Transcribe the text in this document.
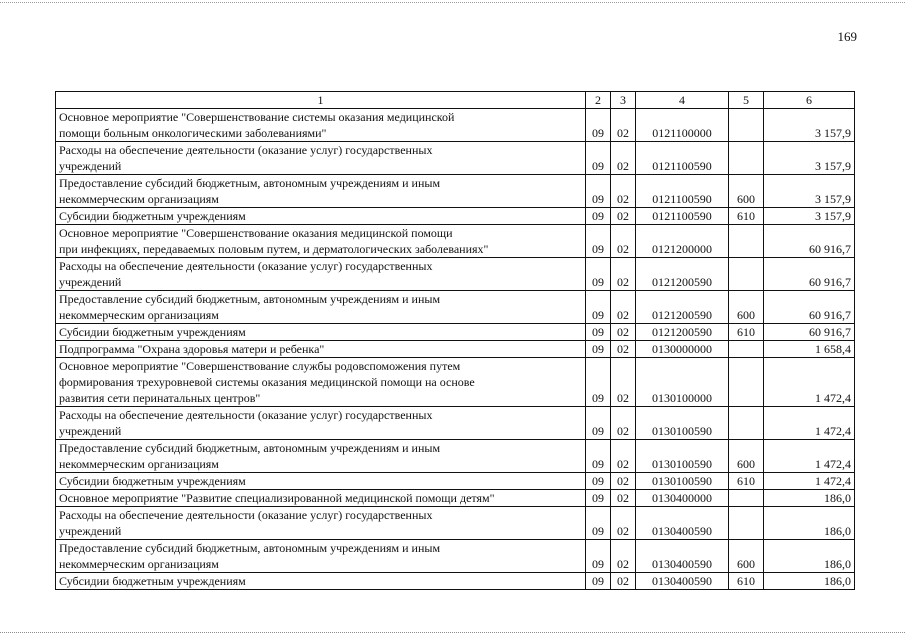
169
1	2	3	4	5	6

Основное мероприятие "Совершенствование системы оказания медицинской
помощи больным онкологическими заболеваниями"	09	02	0121100000		3 157,9

Расходы на обеспечение деятельности (оказание услуг) государственных
учреждений	09	02	0121100590		3 157,9

Предоставление субсидий бюджетным, автономным учреждениям и иным
некоммерческим организациям	09	02	0121100590	600	3 157,9

Субсидии бюджетным учреждениям	09	02	0121100590	610	3 157,9

Основное мероприятие "Совершенствование оказания медицинской помощи
при инфекциях, передаваемых половым путем, и дерматологических заболеваниях"	09	02	0121200000		60 916,7

Расходы на обеспечение деятельности (оказание услуг) государственных
учреждений	09	02	0121200590		60 916,7

Предоставление субсидий бюджетным, автономным учреждениям и иным
некоммерческим организациям	09	02	0121200590	600	60 916,7

Субсидии бюджетным учреждениям	09	02	0121200590	610	60 916,7

Подпрограмма "Охрана здоровья матери и ребенка"	09	02	0130000000		1 658,4

Основное мероприятие "Совершенствование службы родовспоможения путем
формирования трехуровневой системы оказания медицинской помощи на основе
развития сети перинатальных центров"	09	02	0130100000		1 472,4

Расходы на обеспечение деятельности (оказание услуг) государственных
учреждений	09	02	0130100590		1 472,4

Предоставление субсидий бюджетным, автономным учреждениям и иным
некоммерческим организациям	09	02	0130100590	600	1 472,4

Субсидии бюджетным учреждениям	09	02	0130100590	610	1 472,4

Основное мероприятие "Развитие специализированной медицинской помощи детям"	09	02	0130400000		186,0

Расходы на обеспечение деятельности (оказание услуг) государственных
учреждений	09	02	0130400590		186,0

Предоставление субсидий бюджетным, автономным учреждениям и иным
некоммерческим организациям	09	02	0130400590	600	186,0

Субсидии бюджетным учреждениям	09	02	0130400590	610	186,0
